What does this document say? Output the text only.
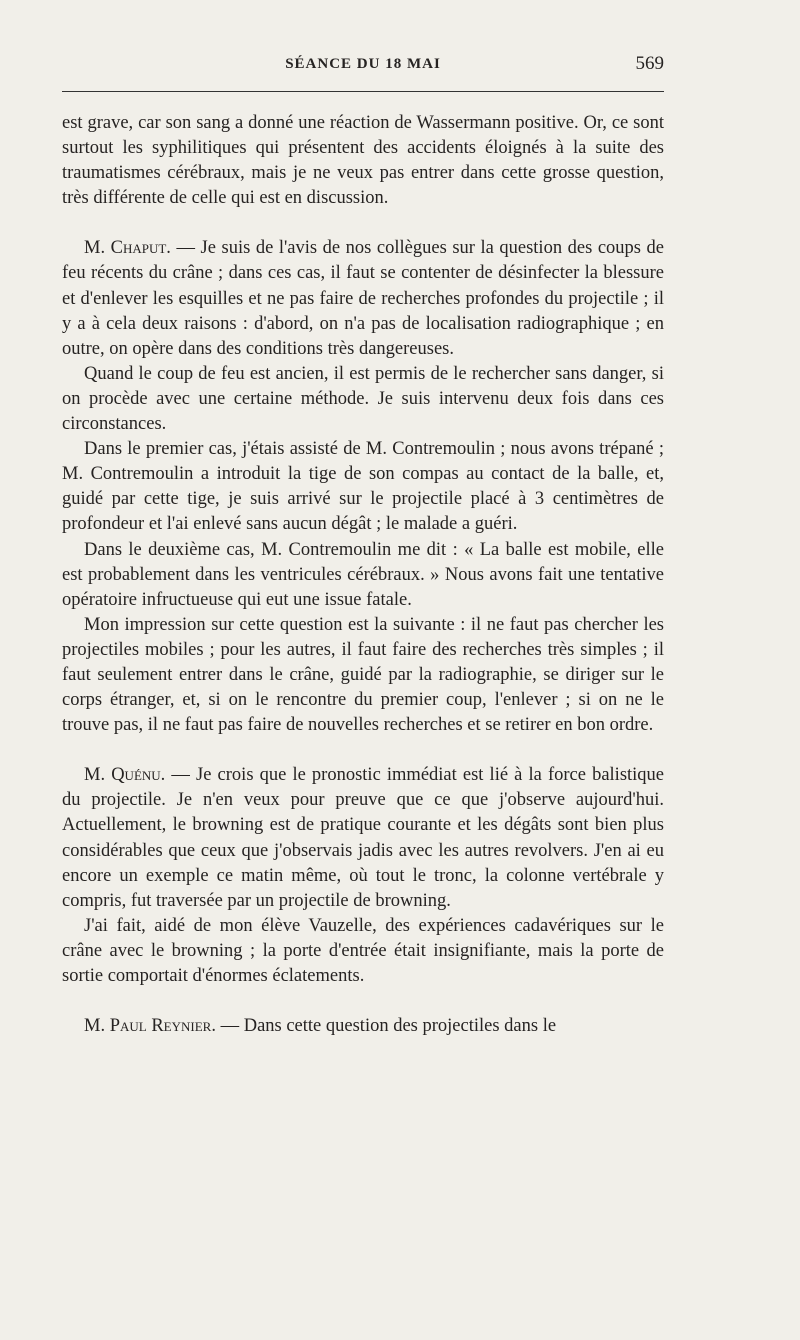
SÉANCE DU 18 MAI	569

est grave, car son sang a donné une réaction de Wassermann positive. Or, ce sont surtout les syphilitiques qui présentent des accidents éloignés à la suite des traumatismes cérébraux, mais je ne veux pas entrer dans cette grosse question, très différente de celle qui est en discussion.

M. Chaput. — Je suis de l'avis de nos collègues sur la question des coups de feu récents du crâne ; dans ces cas, il faut se contenter de désinfecter la blessure et d'enlever les esquilles et ne pas faire de recherches profondes du projectile ; il y a à cela deux raisons : d'abord, on n'a pas de localisation radiographique ; en outre, on opère dans des conditions très dangereuses.

Quand le coup de feu est ancien, il est permis de le rechercher sans danger, si on procède avec une certaine méthode. Je suis intervenu deux fois dans ces circonstances.

Dans le premier cas, j'étais assisté de M. Contremoulin ; nous avons trépané ; M. Contremoulin a introduit la tige de son compas au contact de la balle, et, guidé par cette tige, je suis arrivé sur le projectile placé à 3 centimètres de profondeur et l'ai enlevé sans aucun dégât ; le malade a guéri.

Dans le deuxième cas, M. Contremoulin me dit : « La balle est mobile, elle est probablement dans les ventricules cérébraux. » Nous avons fait une tentative opératoire infructueuse qui eut une issue fatale.

Mon impression sur cette question est la suivante : il ne faut pas chercher les projectiles mobiles ; pour les autres, il faut faire des recherches très simples ; il faut seulement entrer dans le crâne, guidé par la radiographie, se diriger sur le corps étranger, et, si on le rencontre du premier coup, l'enlever ; si on ne le trouve pas, il ne faut pas faire de nouvelles recherches et se retirer en bon ordre.

M. Quénu. — Je crois que le pronostic immédiat est lié à la force balistique du projectile. Je n'en veux pour preuve que ce que j'observe aujourd'hui. Actuellement, le browning est de pratique courante et les dégâts sont bien plus considérables que ceux que j'observais jadis avec les autres revolvers. J'en ai eu encore un exemple ce matin même, où tout le tronc, la colonne vertébrale y compris, fut traversée par un projectile de browning.

J'ai fait, aidé de mon élève Vauzelle, des expériences cadavériques sur le crâne avec le browning ; la porte d'entrée était insignifiante, mais la porte de sortie comportait d'énormes éclatements.

M. Paul Reynier. — Dans cette question des projectiles dans le
